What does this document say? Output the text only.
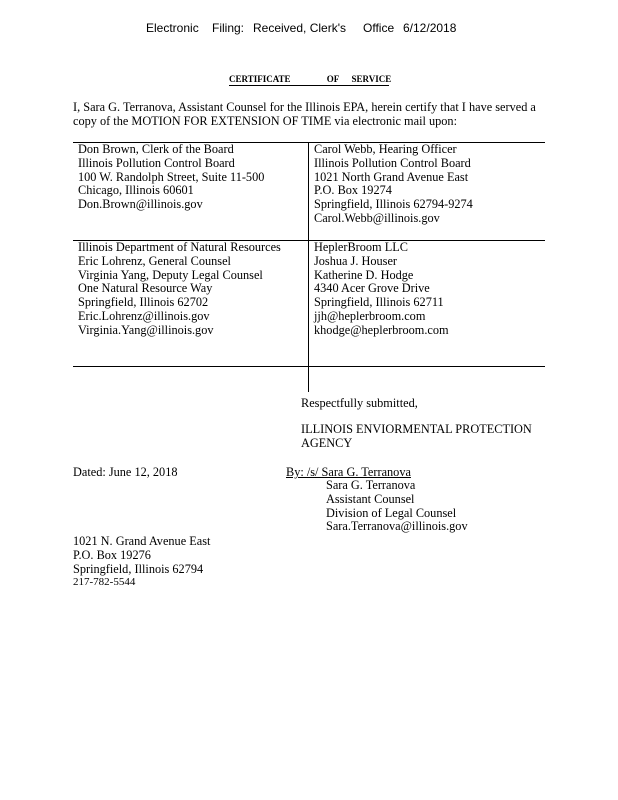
Electronic Filing: Received, Clerk's Office 6/12/2018
CERTIFICATE	OF SERVICE
I, Sara G. Terranova, Assistant Counsel for the Illinois EPA, herein certify that I have served a
copy of the MOTION FOR EXTENSION OF TIME via electronic mail upon:
Don Brown, Clerk of the Board
Illinois Pollution Control Board
100 W. Randolph Street, Suite 11-500
Chicago, Illinois 60601
Don.Brown@illinois.gov
Carol Webb, Hearing Officer
Illinois Pollution Control Board
1021 North Grand Avenue East
P.O. Box 19274
Springfield, Illinois 62794-9274
Carol.Webb@illinois.gov
Illinois Department of Natural Resources
Eric Lohrenz, General Counsel
Virginia Yang, Deputy Legal Counsel
One Natural Resource Way
Springfield, Illinois 62702
Eric.Lohrenz@illinois.gov
Virginia.Yang@illinois.gov
HeplerBroom LLC
Joshua J. Houser
Katherine D. Hodge
4340 Acer Grove Drive
Springfield, Illinois 62711
jjh@heplerbroom.com
khodge@heplerbroom.com
Respectfully submitted,
ILLINOIS ENVIORMENTAL PROTECTION
AGENCY
Dated: June 12, 2018	By: /s/ Sara G. Terranova
Sara G. Terranova
Assistant Counsel
Division of Legal Counsel
Sara.Terranova@illinois.gov
1021 N. Grand Avenue East
P.O. Box 19276
Springfield, Illinois 62794
217-782-5544
